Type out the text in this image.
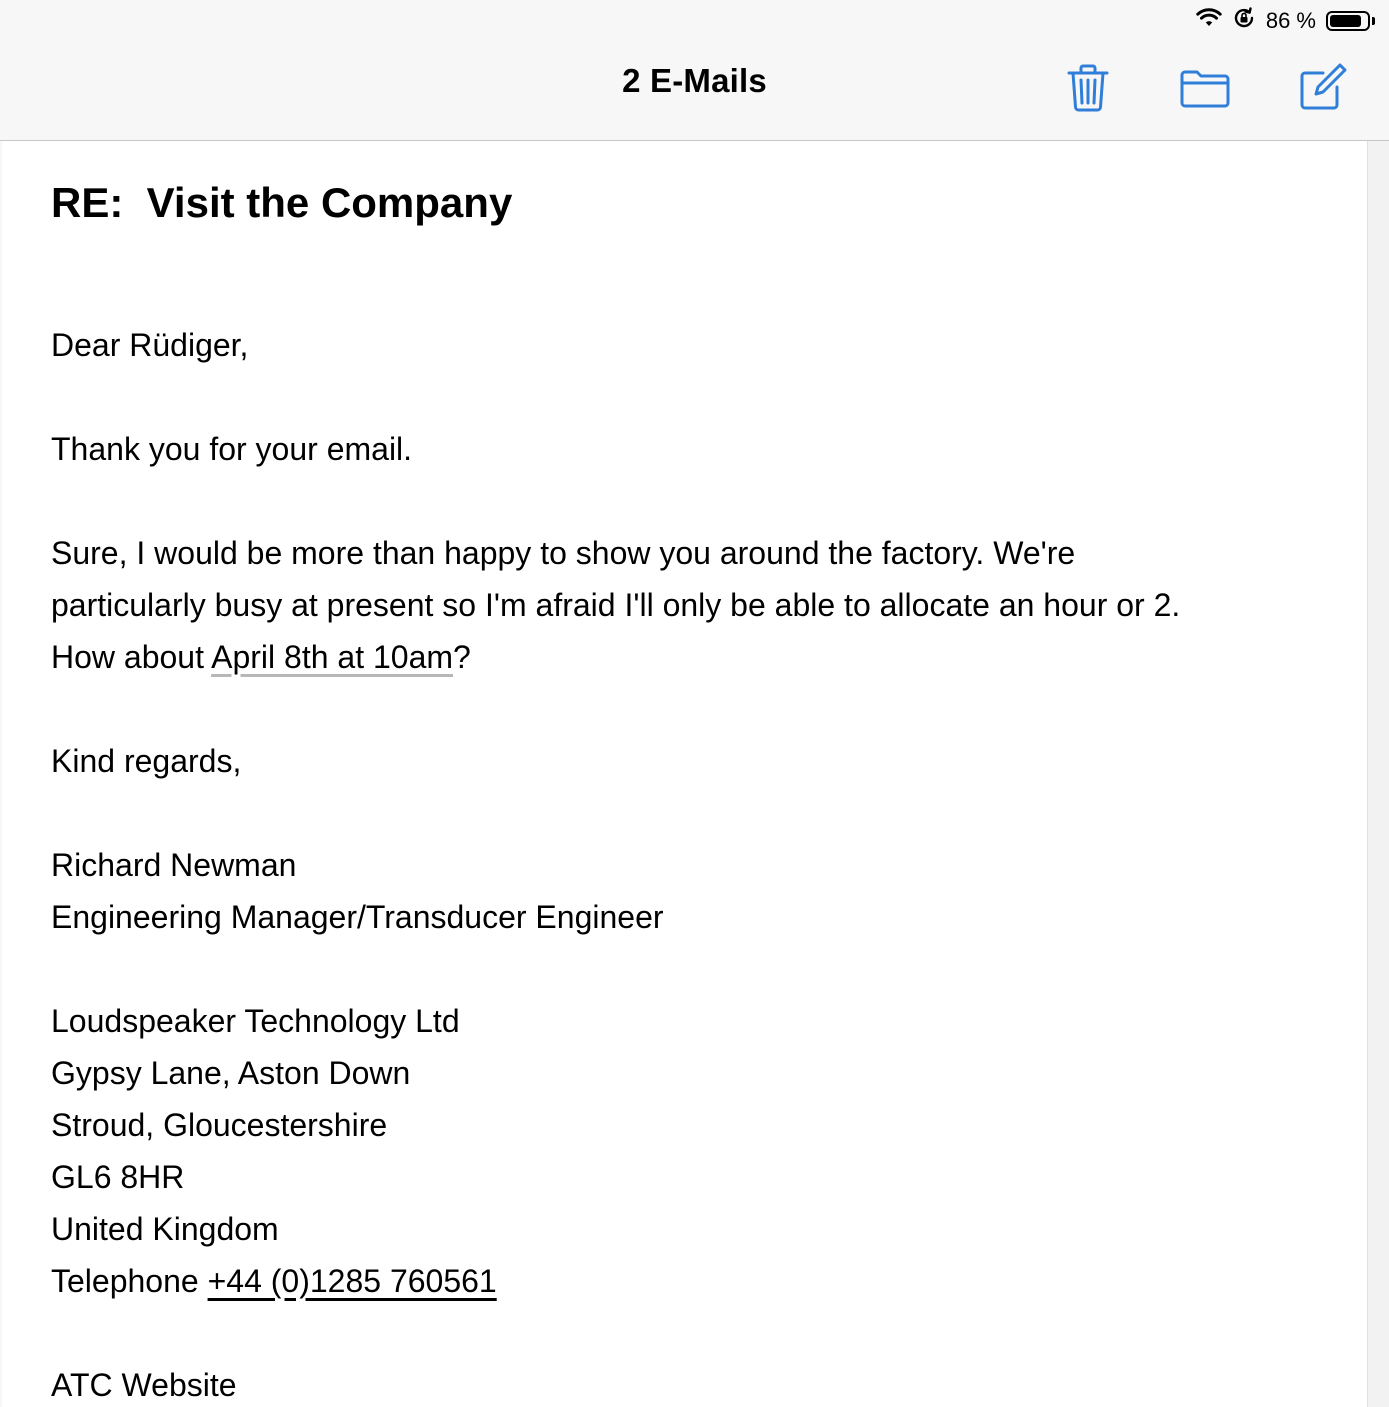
86 %
2 E-Mails
RE:  Visit the Company
Dear Rüdiger,
Thank you for your email.
Sure, I would be more than happy to show you around the factory. We're
particularly busy at present so I'm afraid I'll only be able to allocate an hour or 2.
How about April 8th at 10am?
Kind regards,
Richard Newman
Engineering Manager/Transducer Engineer
Loudspeaker Technology Ltd
Gypsy Lane, Aston Down
Stroud, Gloucestershire
GL6 8HR
United Kingdom
Telephone +44 (0)1285 760561
ATC Website
